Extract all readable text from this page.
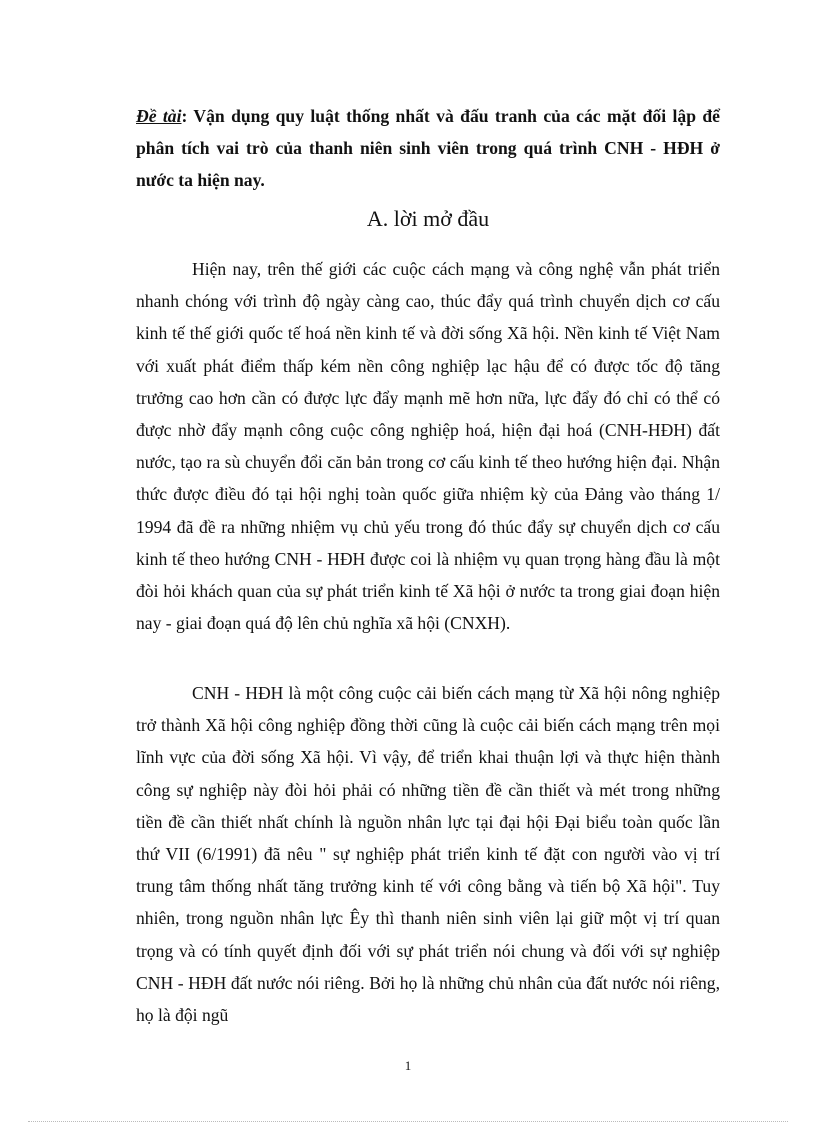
Đề tài: Vận dụng quy luật thống nhất và đấu tranh của các mặt đối lập để phân tích vai trò của thanh niên sinh viên trong quá trình CNH - HĐH ở nước ta hiện nay.
A. lời mở đầu

Hiện nay, trên thế giới các cuộc cách mạng và công nghệ vẫn phát triển nhanh chóng với trình độ ngày càng cao, thúc đẩy quá trình chuyển dịch cơ cấu kinh tế thế giới quốc tế hoá nền kinh tế và đời sống Xã hội. Nền kinh tế Việt Nam với xuất phát điểm thấp kém nền công nghiệp lạc hậu để có được tốc độ tăng trưởng cao hơn cần có được lực đẩy mạnh mẽ hơn nữa, lực đẩy đó chỉ có thể có được nhờ đẩy mạnh công cuộc công nghiệp hoá, hiện đại hoá (CNH-HĐH) đất nước, tạo ra sù chuyển đổi căn bản trong cơ cấu kinh tế theo hướng hiện đại. Nhận thức được điều đó tại hội nghị toàn quốc giữa nhiệm kỳ của Đảng vào tháng 1/ 1994 đã đề ra những nhiệm vụ chủ yếu trong đó thúc đẩy sự chuyển dịch cơ cấu kinh tế theo hướng CNH - HĐH được coi là nhiệm vụ quan trọng hàng đầu là một đòi hỏi khách quan của sự phát triển kinh tế Xã hội ở nước ta trong giai đoạn hiện nay - giai đoạn quá độ lên chủ nghĩa xã hội (CNXH).

CNH - HĐH là một công cuộc cải biến cách mạng từ Xã hội nông nghiệp trở thành Xã hội công nghiệp đồng thời cũng là cuộc cải biến cách mạng trên mọi lĩnh vực của đời sống Xã hội. Vì vậy, để triển khai thuận lợi và thực hiện thành công sự nghiệp này đòi hỏi phải có những tiền đề cần thiết và mét trong những tiền đề cần thiết nhất chính là nguồn nhân lực tại đại hội Đại biểu toàn quốc lần thứ VII (6/1991) đã nêu " sự nghiệp phát triển kinh tế đặt con người vào vị trí trung tâm thống nhất tăng trưởng kinh tế với công bằng và tiến bộ Xã hội". Tuy nhiên, trong nguồn nhân lực Êy thì thanh niên sinh viên lại giữ một vị trí quan trọng và có tính quyết định đối với sự phát triển nói chung và đối với sự nghiệp CNH - HĐH đất nước nói riêng. Bởi họ là những chủ nhân của đất nước nói riêng, họ là đội ngũ

1
